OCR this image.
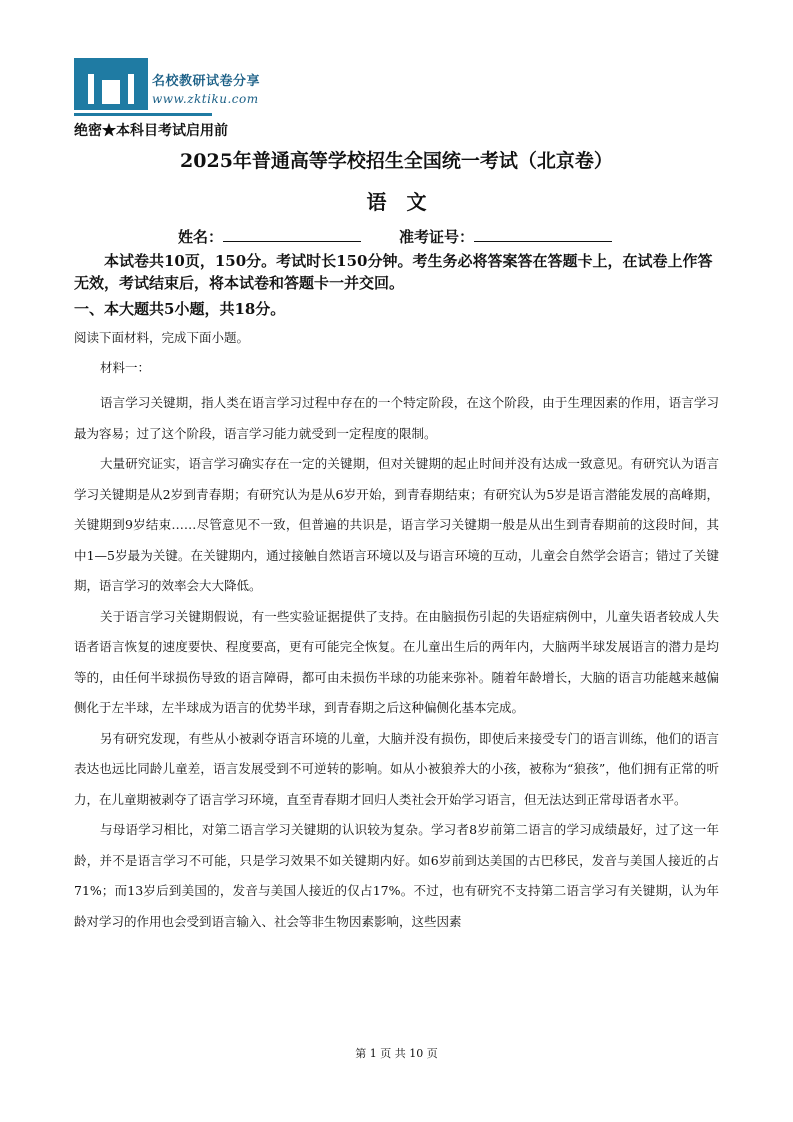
名校教研试卷分享
www.zktiku.com
绝密★本科目考试启用前
2025年普通高等学校招生全国统一考试（北京卷）
语文
姓名：	准考证号：
本试卷共10页，150分。考试时长150分钟。考生务必将答案答在答题卡上，在试卷上作答无效，考试结束后，将本试卷和答题卡一并交回。
一、本大题共5小题，共18分。
阅读下面材料，完成下面小题。
材料一：

语言学习关键期，指人类在语言学习过程中存在的一个特定阶段，在这个阶段，由于生理因素的作用，语言学习最为容易；过了这个阶段，语言学习能力就受到一定程度的限制。

大量研究证实，语言学习确实存在一定的关键期，但对关键期的起止时间并没有达成一致意见。有研究认为语言学习关键期是从2岁到青春期；有研究认为是从6岁开始，到青春期结束；有研究认为5岁是语言潜能发展的高峰期，关键期到9岁结束……尽管意见不一致，但普遍的共识是，语言学习关键期一般是从出生到青春期前的这段时间，其中1—5岁最为关键。在关键期内，通过接触自然语言环境以及与语言环境的互动，儿童会自然学会语言；错过了关键期，语言学习的效率会大大降低。

关于语言学习关键期假说，有一些实验证据提供了支持。在由脑损伤引起的失语症病例中，儿童失语者较成人失语者语言恢复的速度要快、程度要高，更有可能完全恢复。在儿童出生后的两年内，大脑两半球发展语言的潜力是均等的，由任何半球损伤导致的语言障碍，都可由未损伤半球的功能来弥补。随着年龄增长，大脑的语言功能越来越偏侧化于左半球，左半球成为语言的优势半球，到青春期之后这种偏侧化基本完成。

另有研究发现，有些从小被剥夺语言环境的儿童，大脑并没有损伤，即使后来接受专门的语言训练，他们的语言表达也远比同龄儿童差，语言发展受到不可逆转的影响。如从小被狼养大的小孩，被称为“狼孩”，他们拥有正常的听力，在儿童期被剥夺了语言学习环境，直至青春期才回归人类社会开始学习语言，但无法达到正常母语者水平。

与母语学习相比，对第二语言学习关键期的认识较为复杂。学习者8岁前第二语言的学习成绩最好，过了这一年龄，并不是语言学习不可能，只是学习效果不如关键期内好。如6岁前到达美国的古巴移民，发音与美国人接近的占71%；而13岁后到美国的，发音与美国人接近的仅占17%。不过，也有研究不支持第二语言学习有关键期，认为年龄对学习的作用也会受到语言输入、社会等非生物因素影响，这些因素

第 1 页 共 10 页
